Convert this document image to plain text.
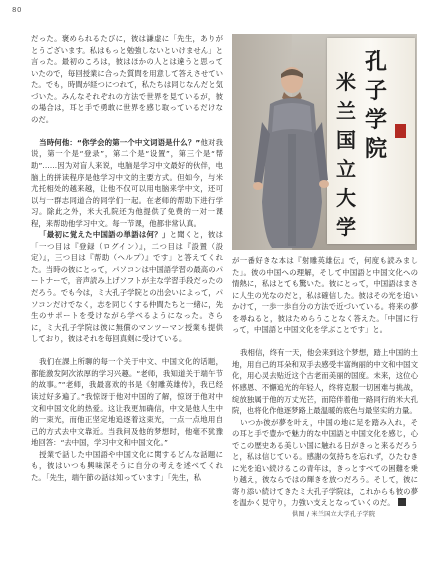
80

だった。褒められるたびに，彼は謙虚に「先生，ありがとうございます。私はもっと勉強しないといけません」と言った。最初のころは，彼はほかの人とは違うと思っていたので，毎回授業に合った質問を用意して答えさせていた。でも，時間が経つにつれて，私たちは同じなんだと気づいた。みんなそれぞれの方法で世界を見ているが，彼の場合は，耳と手で勇敢に世界を感じ取っているだけなのだ。

当時何他：“你学会的第一个中文词语是什么？”他对我说，第一个是“登录”，第二个是“设置”，第三个是“帮助”……因为对盲人来说，电脑是学习中文最好的伙伴，电脑上的拼读程序是他学习中文的主要方式。但如今，与米尤托相处的越来越，让他不仅可以用电脑来学中文，还可以与一群志同道合的同学们一起。在老师的帮助下进行学习。除此之外，米大孔院还为他提供了免费的一对一课程，来帮助他学习中文。每一节课，他都非常认真。

「最初に覚えた中国語の単語は何？」と聞くと，彼は「一つ目は『登録（ログイン）』，二つ目は『設置（設定）』，三つ目は『帮助（ヘルプ）』です」と答えてくれた。当時の彼にとって，パソコンは中国語学習の最高のパートナーで，音声読み上げソフトが主な学習手段だったのだろう。でも今は，ミ大孔子学院との出会いによって，パソコンだけでなく，志を同じくする仲間たちと一緒に，先生のサポートを受けながら学べるようになった。さらに，ミ大孔子学院は彼に無償のマンツーマン授業も提供しており，彼はそれを毎回真剣に受けている。

我们在課上所聊的每一个关于中文、中国文化的话题，都能激发阿次浓厚的学习兴趣。“老师，我知道关于端午节的故事。”“老师，我最喜欢的书是《射雕英雄传》，我已经读过好多遍了。”我惊讶于他对中国的了解，惊讶于他对中文和中国文化的热爱。这让我更加确信，中文是他人生中的一束光，而他正坚定地追逐着这束光，一点一点地用自己的方式去中文靠近。当我问及他的梦想时，他毫不犹豫地回答：“去中国，学习中文和中国文化。”

授業で話した中国語や中国文化に関するどんな話題にも，彼はいつも興味深そうに自分の考えを述べてくれた。「先生，端午節の話は知っています」「先生，私

孔子学院
米兰国立大学

が一番好きな本は『射雕英雄伝』で，何度も読みました」。彼の中国への理解，そして中国語と中国文化への情熱に，私はとても驚いた。彼にとって，中国語はまさに人生の光なのだと，私は確信した。彼はその光を追いかけて，一歩一歩自分の方法で近づいている。将来の夢を尋ねると，彼はためらうことなく答えた。「中国に行って，中国語と中国文化を学ぶことです」と。

我相信，终有一天，他会来到这个梦想，踏上中国的土地，用自己的耳朵和双手去感受丰富绚丽的中文和中国文化，用心灵去贴近这个古老而美丽的国度。未来，这位心怀感恩、不懈追光的年轻人，终将克服一切困难与挑战，绽放独属于他的万丈光芒，而陪伴着他一路同行的米大孔院，也将化作他逐梦路上最温暖的底色与最坚实的力量。

いつか彼が夢を叶え，中国の地に足を踏み入れ，その耳と手で豊かで魅力的な中国語と中国文化を感じ，心でこの歴史ある美しい国に触れる日がきっと来るだろうと，私は信じている。感謝の気持ちを忘れず，ひたむきに光を追い続けるこの青年は，きっとすべての困難を乗り越え，彼ならではの輝きを放つだろう。そして，彼に寄り添い続けてきたミ大孔子学院は，これからも彼の夢を温かく見守り，力強い支えとなっていくのだ。

供图 / 米兰国立大学孔子学院
